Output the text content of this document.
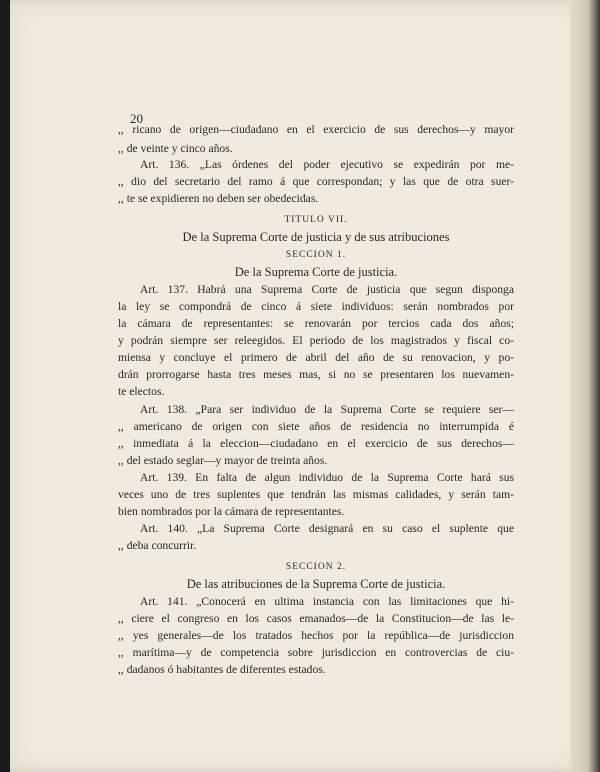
20
,, ricano de origen—ciudadano en el exercicio de sus derechos—y mayor
,, de veinte y cinco años.
Art. 136. „Las órdenes del poder ejecutivo se expedirán por me-
,, dio del secretario del ramo á que correspondan; y las que de otra suer-
,, te se expidieren no deben ser obedecidas.
TITULO VII.
De la Suprema Corte de justicia y de sus atribuciones
SECCION 1.
De la Suprema Corte de justicia.
Art. 137. Habrá una Suprema Corte de justicia que segun disponga
la ley se compondrá de cinco á siete individuos: serán nombrados por
la cámara de representantes: se renovarán por tercios cada dos años;
y podrán siempre ser releegidos. El periodo de los magistrados y fiscal co-
miensa y concluye el primero de abril del año de su renovacion, y po-
drán prorrogarse hasta tres meses mas, si no se presentaren los nuevamen-
te electos.
Art. 138. „Para ser individuo de la Suprema Corte se requiere ser—
,, americano de origen con siete años de residencia no interrumpida é
,, inmediata á la eleccion—ciudadano en el exercicio de sus derechos—
,, del estado seglar—y mayor de treinta años.
Art. 139. En falta de algun individuo de la Suprema Corte hará sus
veces uno de tres suplentes que tendrán las mismas calidades, y serán tam-
bien nombrados por la cámara de representantes.
Art. 140. „La Suprema Corte designará en su caso el suplente que
,, deba concurrir.
SECCION 2.
De las atribuciones de la Suprema Corte de justicia.
Art. 141. „Conocerá en ultima instancia con las limitaciones que hi-
,, ciere el congreso en los casos emanados—de la Constitucion—de las le-
,, yes generales—de los tratados hechos por la república—de jurisdiccion
,, marítima—y de competencia sobre jurisdiccion en controvercias de ciu-
,, dadanos ó habitantes de diferentes estados.
